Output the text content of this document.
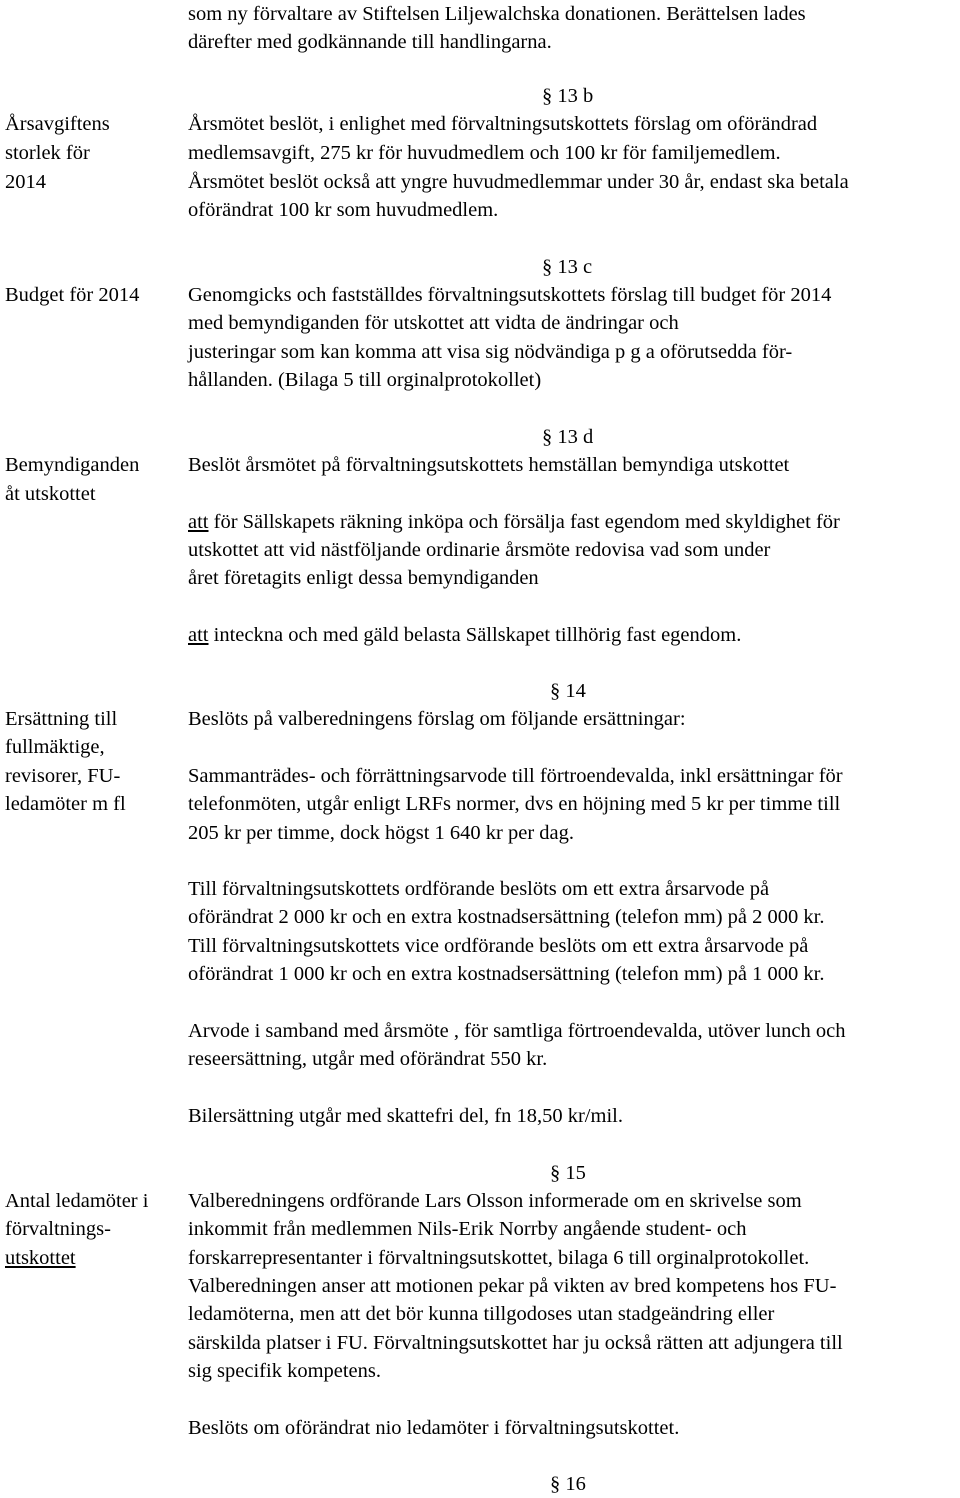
som ny förvaltare av Stiftelsen Liljewalchska donationen. Berättelsen lades
därefter med godkännande till handlingarna.
§ 13 b
Årsavgiftens
storlek för
2014
Årsmötet beslöt, i enlighet med förvaltningsutskottets förslag om oförändrad
medlemsavgift, 275 kr för huvudmedlem och 100 kr för familjemedlem.
Årsmötet beslöt också att yngre huvudmedlemmar under 30 år, endast ska betala
oförändrat 100 kr som huvudmedlem.
§ 13 c
Budget för 2014 Genomgicks och fastställdes förvaltningsutskottets förslag till budget för 2014
med bemyndiganden för utskottet att vidta de ändringar och
justeringar som kan komma att visa sig nödvändiga p g a oförutsedda för-
hållanden. (Bilaga 5 till orginalprotokollet)
§ 13 d
Bemyndiganden
åt utskottet
Beslöt årsmötet på förvaltningsutskottets hemställan bemyndiga utskottet
att för Sällskapets räkning inköpa och försälja fast egendom med skyldighet för
utskottet att vid nästföljande ordinarie årsmöte redovisa vad som under
året företagits enligt dessa bemyndiganden
att inteckna och med gäld belasta Sällskapet tillhörig fast egendom.
§ 14
Ersättning till
fullmäktige,
revisorer, FU-
ledamöter m fl
Beslöts på valberedningens förslag om följande ersättningar:
Sammanträdes- och förrättningsarvode till förtroendevalda, inkl ersättningar för
telefonmöten, utgår enligt LRFs normer, dvs en höjning med 5 kr per timme till
205 kr per timme, dock högst 1 640 kr per dag.
Till förvaltningsutskottets ordförande beslöts om ett extra årsarvode på
oförändrat 2 000 kr och en extra kostnadsersättning (telefon mm) på 2 000 kr.
Till förvaltningsutskottets vice ordförande beslöts om ett extra årsarvode på
oförändrat 1 000 kr och en extra kostnadsersättning (telefon mm) på 1 000 kr.
Arvode i samband med årsmöte , för samtliga förtroendevalda, utöver lunch och
reseersättning, utgår med oförändrat 550 kr.
Bilersättning utgår med skattefri del, fn 18,50 kr/mil.
§ 15
Antal ledamöter i
förvaltnings-
utskottet
Valberedningens ordförande Lars Olsson informerade om en skrivelse som
inkommit från medlemmen Nils-Erik Norrby angående student- och
forskarrepresentanter i förvaltningsutskottet, bilaga 6 till orginalprotokollet.
Valberedningen anser att motionen pekar på vikten av bred kompetens hos FU-
ledamöterna, men att det bör kunna tillgodoses utan stadgeändring eller
särskilda platser i FU. Förvaltningsutskottet har ju också rätten att adjungera till
sig specifik kompetens.
Beslöts om oförändrat nio ledamöter i förvaltningsutskottet.
§ 16
